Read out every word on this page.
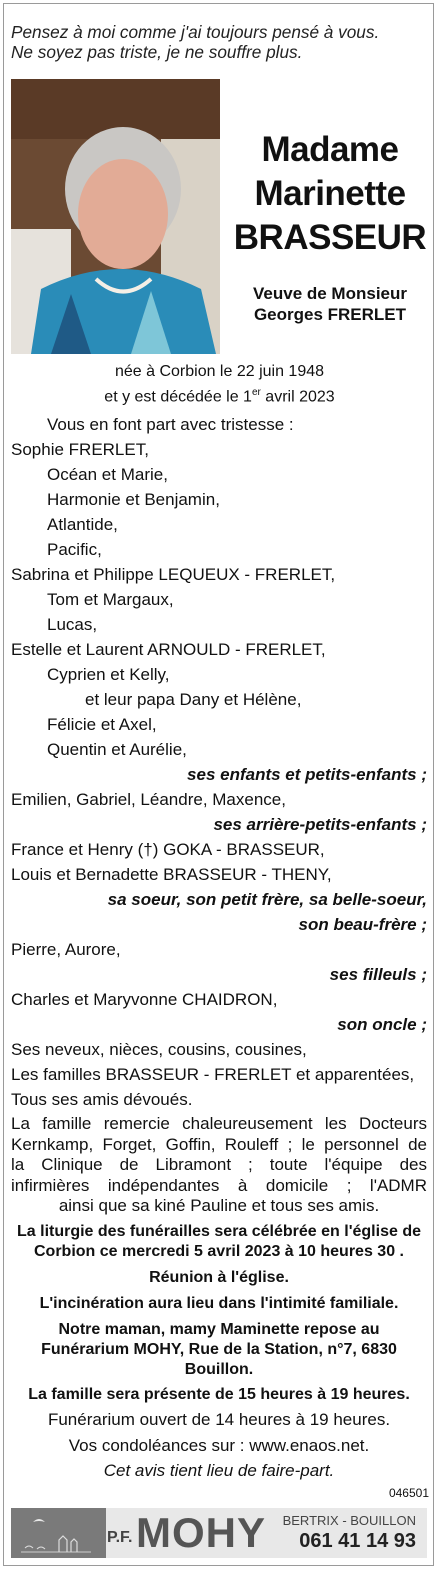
Pensez à moi comme j'ai toujours pensé à vous.
Ne soyez pas triste, je ne souffre plus.
Madame
Marinette
BRASSEUR
Veuve de Monsieur
Georges FRERLET
née à Corbion le 22 juin 1948
et y est décédée le 1er avril 2023
Vous en font part avec tristesse :
Sophie FRERLET,
Océan et Marie,
Harmonie et Benjamin,
Atlantide,
Pacific,
Sabrina et Philippe LEQUEUX - FRERLET,
Tom et Margaux,
Lucas,
Estelle et Laurent ARNOULD - FRERLET,
Cyprien et Kelly,
et leur papa Dany et Hélène,
Félicie et Axel,
Quentin et Aurélie,
ses enfants et petits-enfants ;
Emilien, Gabriel, Léandre, Maxence,
ses arrière-petits-enfants ;
France et Henry (†) GOKA - BRASSEUR,
Louis et Bernadette BRASSEUR - THENY,
sa soeur, son petit frère, sa belle-soeur,
son beau-frère ;
Pierre, Aurore,
ses filleuls ;
Charles et Maryvonne CHAIDRON,
son oncle ;
Ses neveux, nièces, cousins, cousines,
Les familles BRASSEUR - FRERLET et apparentées,
Tous ses amis dévoués.
La famille remercie chaleureusement les Docteurs
Kernkamp, Forget, Goffin, Rouleff ; le personnel de
la Clinique de Libramont ; toute l'équipe des
infirmières indépendantes à domicile ; l'ADMR
ainsi que sa kiné Pauline et tous ses amis.
La liturgie des funérailles sera célébrée en l'église de
Corbion ce mercredi 5 avril 2023 à 10 heures 30 .
Réunion à l'église.
L'incinération aura lieu dans l'intimité familiale.
Notre maman, mamy Maminette repose au
Funérarium MOHY, Rue de la Station, n°7, 6830
Bouillon.
La famille sera présente de 15 heures à 19 heures.
Funérarium ouvert de 14 heures à 19 heures.
Vos condoléances sur : www.enaos.net.
Cet avis tient lieu de faire-part.
046501
P.F. MOHY BERTRIX - BOUILLON
061 41 14 93
